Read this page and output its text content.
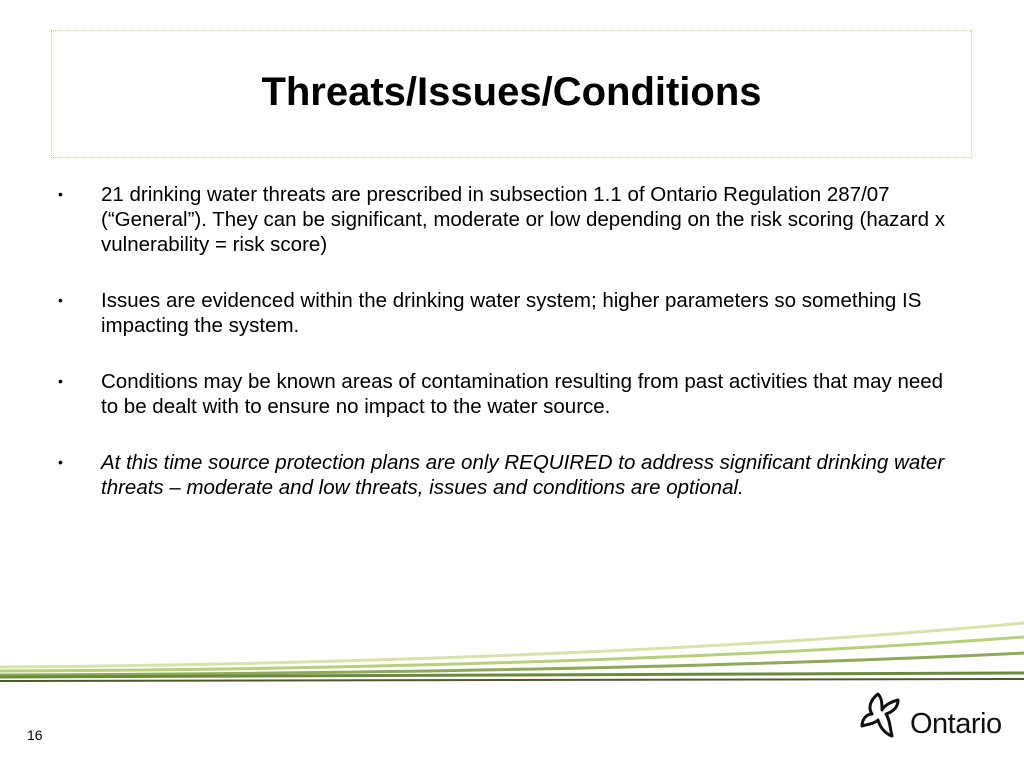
Threats/Issues/Conditions
• 21 drinking water threats are prescribed in subsection 1.1 of Ontario Regulation 287/07 (“General”). They can be significant, moderate or low depending on the risk scoring (hazard x vulnerability = risk score)
• Issues are evidenced within the drinking water system; higher parameters so something IS impacting the system.
• Conditions may be known areas of contamination resulting from past activities that may need to be dealt with to ensure no impact to the water source.
• At this time source protection plans are only REQUIRED to address significant drinking water threats – moderate and low threats, issues and conditions are optional.
16	Ontario
